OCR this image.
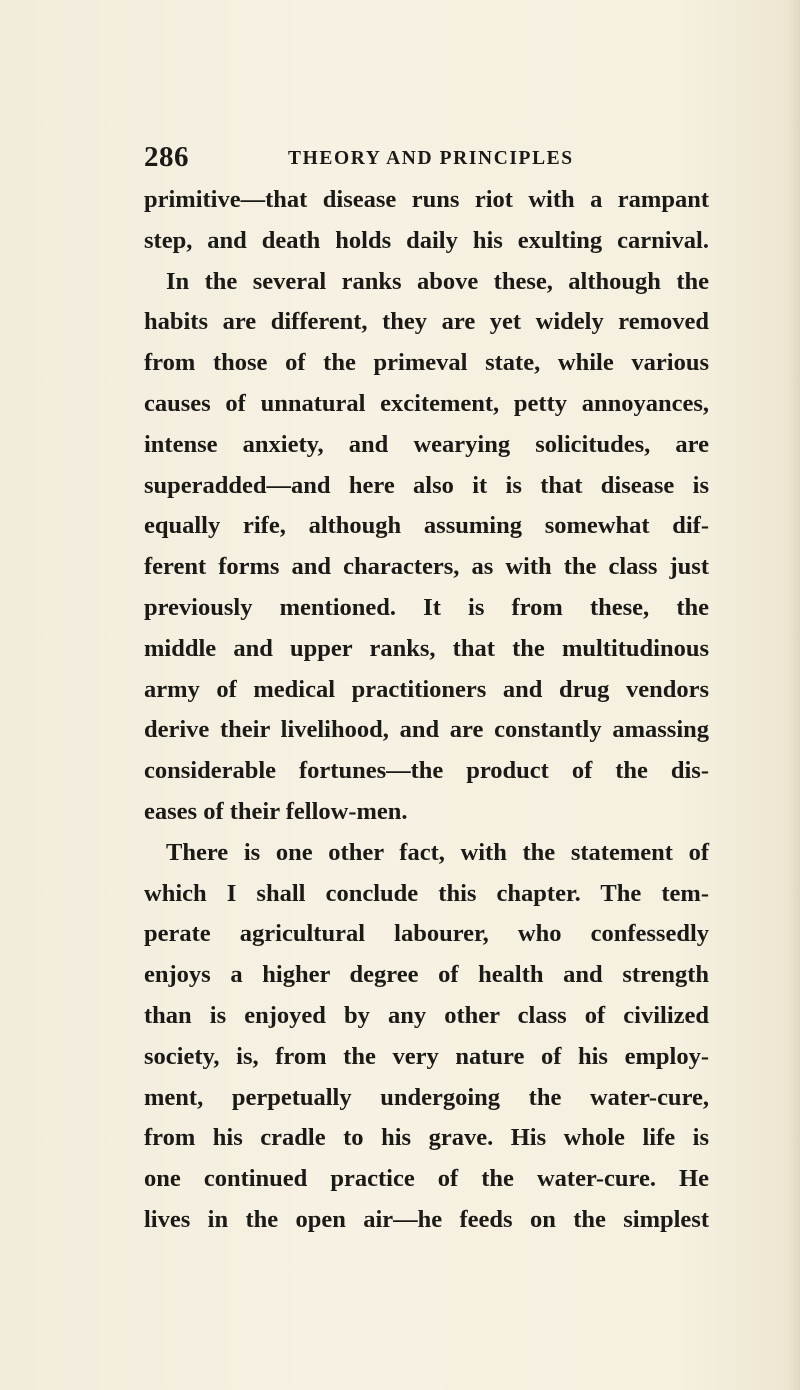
286	THEORY AND PRINCIPLES
primitive—that disease runs riot with a rampant
step, and death holds daily his exulting carnival.
In the several ranks above these, although the
habits are different, they are yet widely removed
from those of the primeval state, while various
causes of unnatural excitement, petty annoyances,
intense anxiety, and wearying solicitudes, are
superadded—and here also it is that disease is
equally rife, although assuming somewhat dif-
ferent forms and characters, as with the class just
previously mentioned. It is from these, the
middle and upper ranks, that the multitudinous
army of medical practitioners and drug vendors
derive their livelihood, and are constantly amassing
considerable fortunes—the product of the dis-
eases of their fellow-men.
There is one other fact, with the statement of
which I shall conclude this chapter. The tem-
perate agricultural labourer, who confessedly
enjoys a higher degree of health and strength
than is enjoyed by any other class of civilized
society, is, from the very nature of his employ-
ment, perpetually undergoing the water-cure,
from his cradle to his grave. His whole life is
one continued practice of the water-cure. He
lives in the open air—he feeds on the simplest
